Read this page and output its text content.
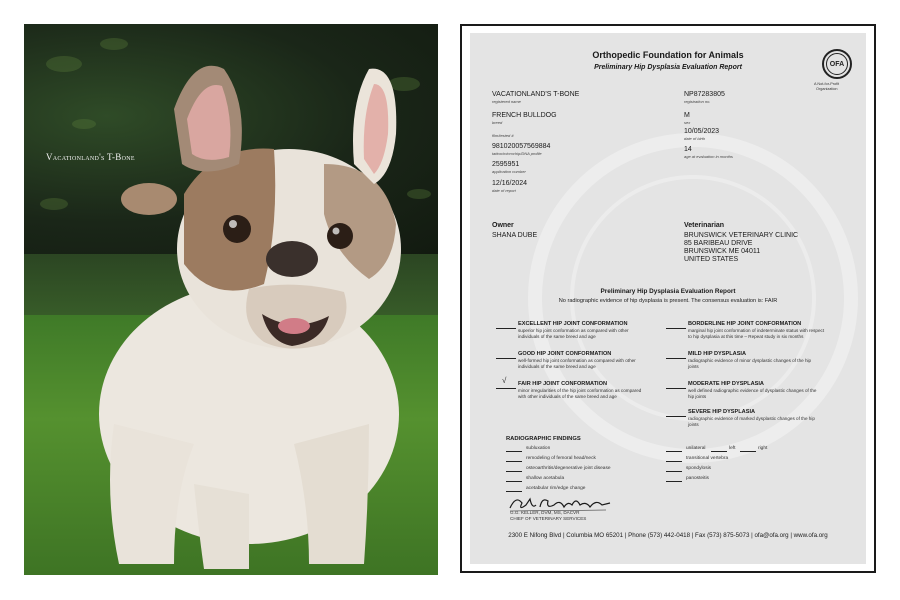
Vacationland's T-Bone
Orthopedic Foundation for Animals
Preliminary Hip Dysplasia Evaluation Report	OFA
A Not-for-Profit
Organization
VACATIONLAND'S T-BONE
registered name
FRENCH BULLDOG
breed
film/tested #
981020057569884
tattoo/microchip/DNA profile
2595951
application number
12/16/2024
date of report
NP87283805
registration no.
M
sex
10/05/2023
date of birth
14
age at evaluation in months
Owner
SHANA DUBE
Veterinarian
BRUNSWICK VETERINARY CLINIC
85 BARIBEAU DRIVE
BRUNSWICK ME 04011
UNITED STATES
Preliminary Hip Dysplasia Evaluation Report
No radiographic evidence of hip dysplasia is present. The consensus evaluation is: FAIR
EXCELLENT HIP JOINT CONFORMATION
superior hip joint conformation as compared with other individuals of the same breed and age
GOOD HIP JOINT CONFORMATION
well-formed hip joint conformation as compared with other individuals of the same breed and age
√ FAIR HIP JOINT CONFORMATION
minor irregularities of the hip joint conformation as compared with other individuals of the same breed and age
BORDERLINE HIP JOINT CONFORMATION
marginal hip joint conformation of indeterminate status with respect to hip dysplasia at this time – Repeat study in six months
MILD HIP DYSPLASIA
radiographic evidence of minor dysplastic changes of the hip joints
MODERATE HIP DYSPLASIA
well defined radiographic evidence of dysplastic changes of the hip joints
SEVERE HIP DYSPLASIA
radiographic evidence of marked dysplastic changes of the hip joints
RADIOGRAPHIC FINDINGS
subluxation
remodeling of femoral head/neck
osteoarthritis/degenerative joint disease
shallow acetabula
acetabular rim/edge change
unilateral	left	right
transitional vertebra
spondylosis
panosteitis
G.G. KELLER, DVM, MS, DACVR
CHIEF OF VETERINARY SERVICES
2300 E Nifong Blvd | Columbia MO 65201 | Phone (573) 442-0418 | Fax (573) 875-5073 | ofa@ofa.org | www.ofa.org
